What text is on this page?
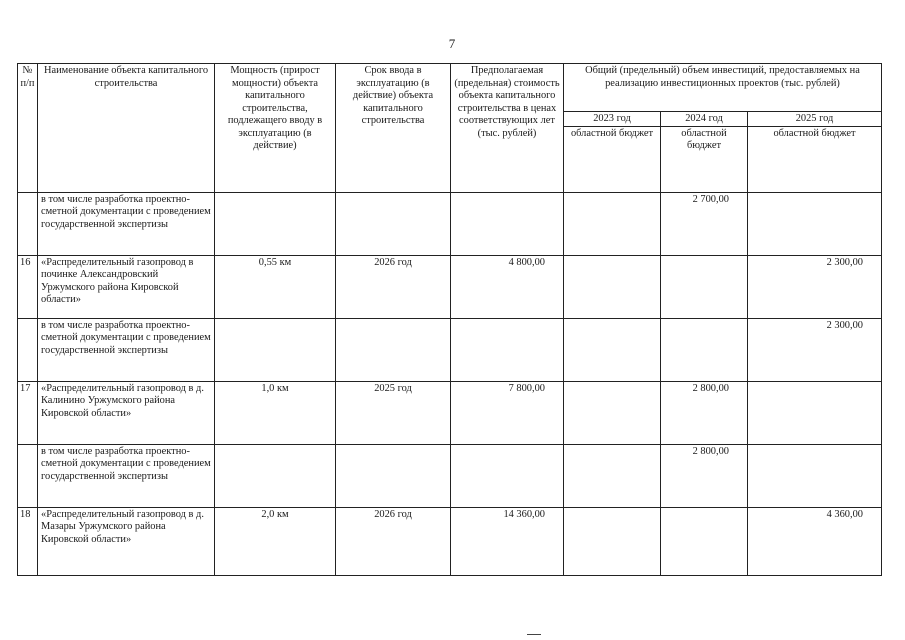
7
№ п/п	Наименование объекта капитального строительства	Мощность (прирост мощности) объекта капитального строительства, подлежащего вводу в эксплуатацию (в действие)	Срок ввода в эксплуатацию (в действие) объекта капитального строительства	Предполагаемая (предельная) стоимость объекта капитального строительства в ценах соответствующих лет (тыс. рублей)	Общий (предельный) объем инвестиций, предоставляемых на реализацию инвестиционных проектов (тыс. рублей)		
					2023 год	2024 год	2025 год
					областной бюджет	областной бюджет	областной бюджет
	в том числе разработка проектно-сметной документации с проведением государственной экспертизы					2 700,00	
16	«Распределительный газопровод в починке Александровский Уржумского района Кировской области»	0,55 км	2026 год	4 800,00			2 300,00
	в том числе разработка проектно-сметной документации с проведением государственной экспертизы						2 300,00
17	«Распределительный газопровод в д. Калинино Уржумского района Кировской области»	1,0 км	2025 год	7 800,00		2 800,00	
	в том числе разработка проектно-сметной документации с проведением государственной экспертизы					2 800,00	
18	«Распределительный газопровод в д. Мазары Уржумского района Кировской области»	2,0 км	2026 год	14 360,00			4 360,00
